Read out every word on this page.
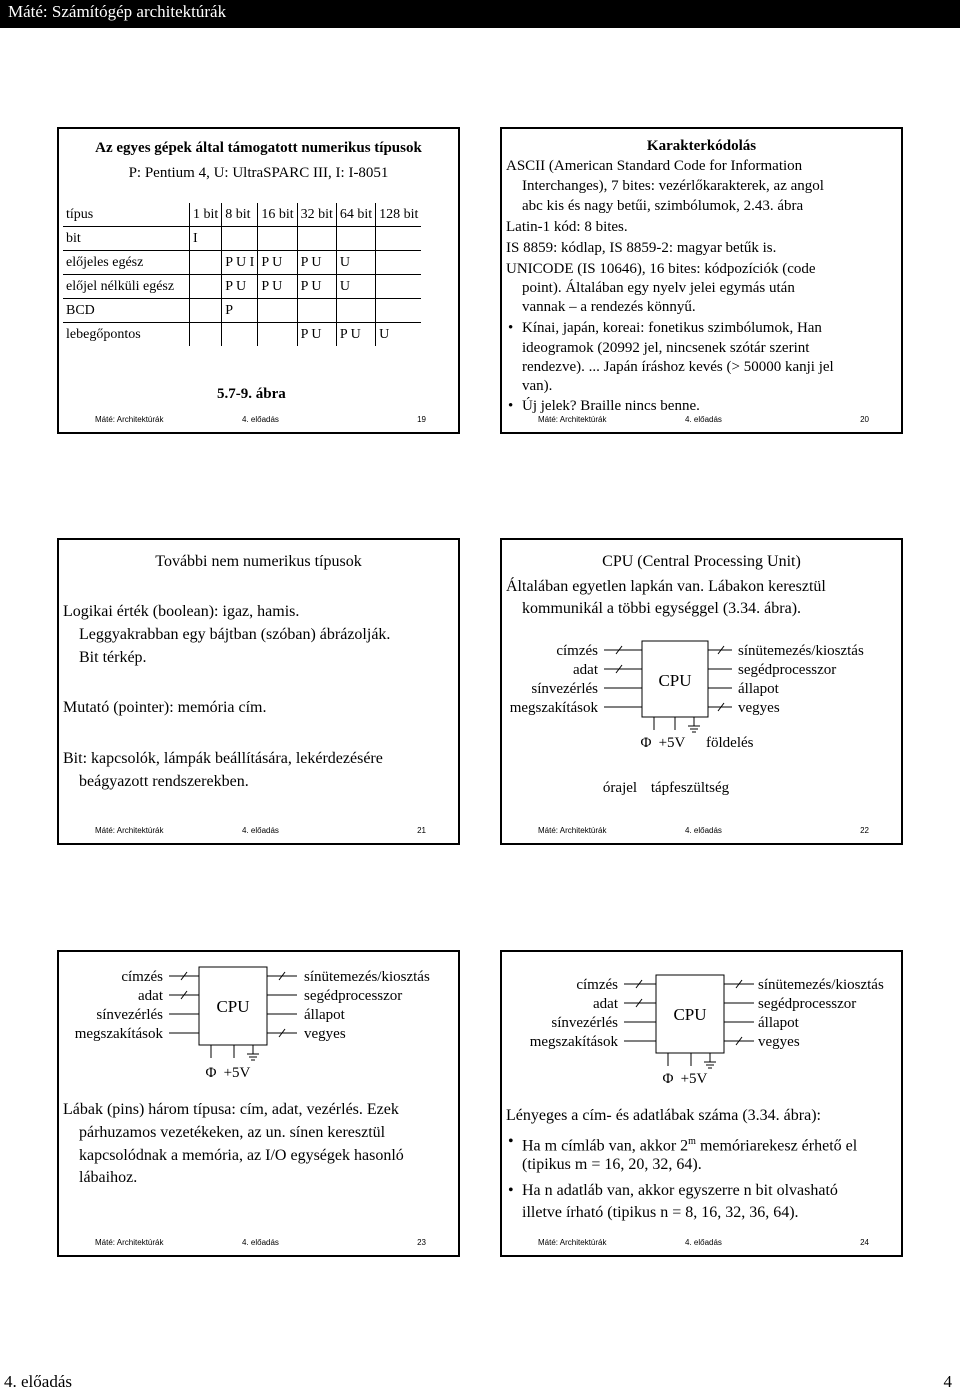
Máté: Számítógép architektúrák
Az egyes gépek által támogatott numerikus típusok
P: Pentium 4, U: UltraSPARC III, I: I-8051
típus	1 bit	8 bit	16 bit	32 bit	64 bit	128 bit
bit	I					
előjeles egész		P U I	P U	P U	U	
előjel nélküli egész		P U	P U	P U	U	
BCD		P				
lebegőpontos				P U	P U	U
5.7-9. ábra
Máté: Architektúrák	4. előadás	19
Karakterkódolás
ASCII (American Standard Code for Information
Interchanges), 7 bites: vezérlőkarakterek, az angol
abc kis és nagy betűi, szimbólumok, 2.43. ábra
Latin-1 kód: 8 bites.
IS 8859: kódlap, IS 8859-2: magyar betűk is.
UNICODE (IS 10646), 16 bites: kódpozíciók (code
point). Általában egy nyelv jelei egymás után
vannak – a rendezés könnyű.
• Kínai, japán, koreai: fonetikus szimbólumok, Han
ideogramok (20992 jel, nincsenek szótár szerint
rendezve). ... Japán íráshoz kevés (> 50000 kanji jel
van).
• Új jelek? Braille nincs benne.
Máté: Architektúrák	4. előadás	20
További nem numerikus típusok
Logikai érték (boolean): igaz, hamis.
Leggyakrabban egy bájtban (szóban) ábrázolják.
Bit térkép.
Mutató (pointer): memória cím.
Bit: kapcsolók, lámpák beállítására, lekérdezésére
beágyazott rendszerekben.
Máté: Architektúrák	4. előadás	21
CPU (Central Processing Unit)
Általában egyetlen lapkán van. Lábakon keresztül
kommunikál a többi egységgel (3.34. ábra).
címzés
adat
sínvezérlés
megszakítások
CPU
sínütemezés/kiosztás
segédprocesszor
állapot
vegyes
Φ +5V földelés
órajel tápfeszültség
Máté: Architektúrák	4. előadás	22
címzés
adat
sínvezérlés
megszakítások
CPU
sínütemezés/kiosztás
segédprocesszor
állapot
vegyes
Φ +5V
Lábak (pins) három típusa: cím, adat, vezérlés. Ezek
párhuzamos vezetékeken, az un. sínen keresztül
kapcsolódnak a memória, az I/O egységek hasonló
lábaihoz.
Máté: Architektúrák	4. előadás	23
címzés
adat
sínvezérlés
megszakítások
CPU
sínütemezés/kiosztás
segédprocesszor
állapot
vegyes
Φ +5V
Lényeges a cím- és adatlábak száma (3.34. ábra):
• Ha m címláb van, akkor 2$^m$ memóriarekesz érhető el
(tipikus m = 16, 20, 32, 64).
• Ha n adatláb van, akkor egyszerre n bit olvasható
illetve írható (tipikus n = 8, 16, 32, 36, 64).
Máté: Architektúrák	4. előadás	24
4. előadás	4
